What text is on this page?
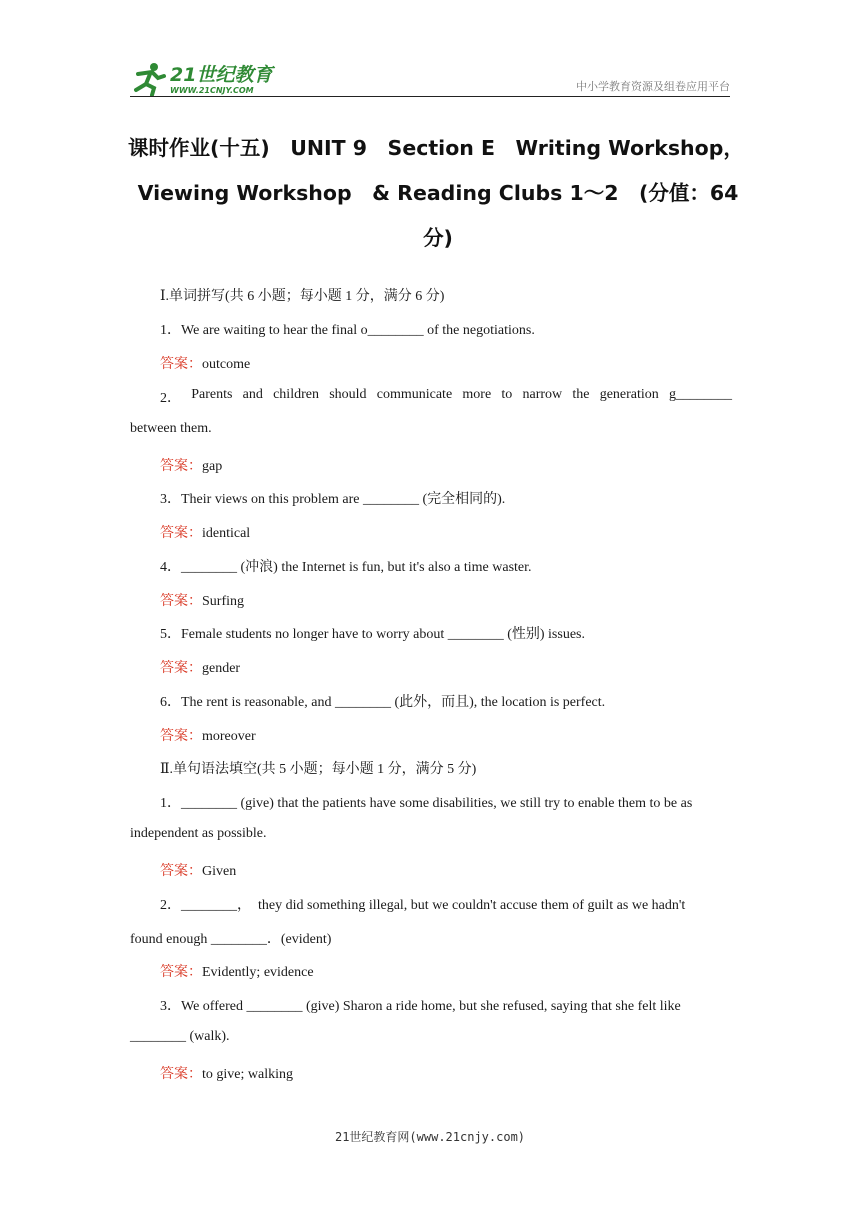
21世纪教育
WWW.21CNJY.COM	中小学教育资源及组卷应用平台
课时作业(十五)　UNIT 9　Section E　Writing Workshop，
Viewing Workshop　& Reading Clubs 1～2　(分值：64
分)
Ⅰ.单词拼写(共 6 小题；每小题 1 分，满分 6 分)
1．We are waiting to hear the final o________ of the negotiations.
答案：outcome
2． Parents and children should communicate more to narrow the generation g________
between them.
答案：gap
3．Their views on this problem are ________ (完全相同的).
答案：identical
4．________ (冲浪) the Internet is fun, but it's also a time waster.
答案：Surfing
5．Female students no longer have to worry about ________ (性别) issues.
答案：gender
6．The rent is reasonable, and ________ (此外，而且), the location is perfect.
答案：moreover
Ⅱ.单句语法填空(共 5 小题；每小题 1 分，满分 5 分)
1．________ (give) that the patients have some disabilities, we still try to enable them to be as
independent as possible.
答案：Given
2．________，　they did something illegal, but we couldn't accuse them of guilt as we hadn't
found enough ________．(evident)
答案：Evidently; evidence
3．We offered ________ (give) Sharon a ride home, but she refused, saying that she felt like
________ (walk).
答案：to give; walking
21世纪教育网(www.21cnjy.com)
